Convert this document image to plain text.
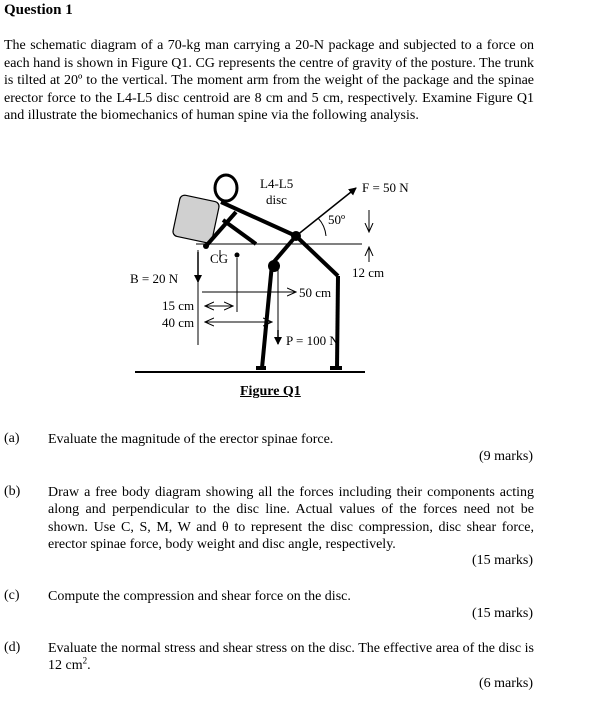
Question 1
The schematic diagram of a 70-kg man carrying a 20-N package and subjected to a force on each hand is shown in Figure Q1. CG represents the centre of gravity of the posture. The trunk is tilted at 20º to the vertical. The moment arm from the weight of the package and the spinae erector force to the L4-L5 disc centroid are 8 cm and 5 cm, respectively. Examine Figure Q1 and illustrate the biomechanics of human spine via the following analysis.
L4-L5
disc
F = 50 N
50º
CG
B = 20 N	12 cm
50 cm
15 cm
40 cm
P = 100 N
Figure Q1
(a) Evaluate the magnitude of the erector spinae force.
(9 marks)
(b) Draw a free body diagram showing all the forces including their components acting along and perpendicular to the disc line. Actual values of the forces need not be shown. Use C, S, M, W and θ to represent the disc compression, disc shear force, erector spinae force, body weight and disc angle, respectively.
(15 marks)
(c) Compute the compression and shear force on the disc.
(15 marks)
(d) Evaluate the normal stress and shear stress on the disc. The effective area of the disc is 12 $cm^2$.
(6 marks)
